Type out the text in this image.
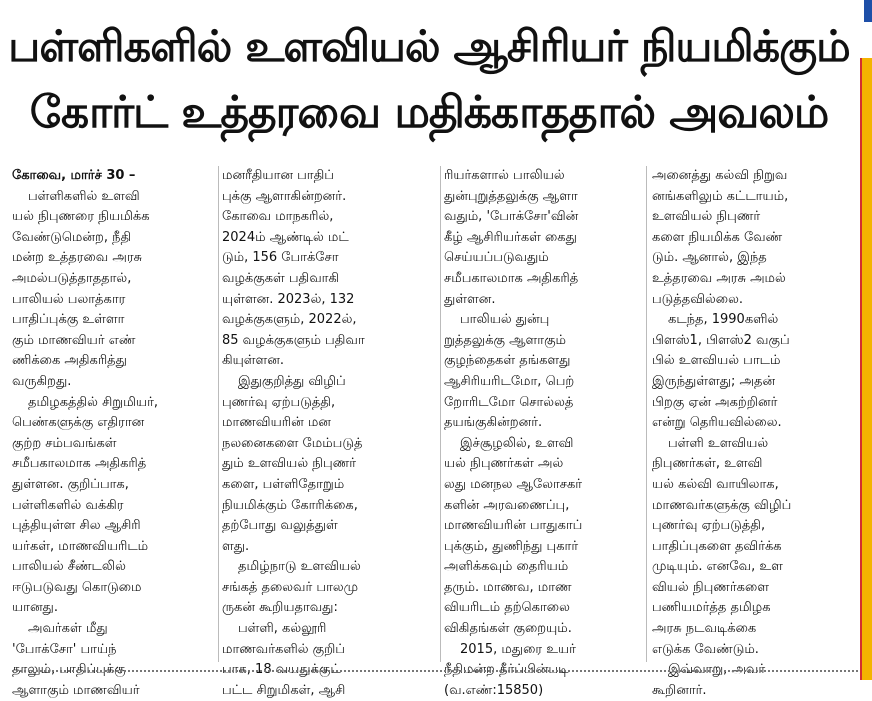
பள்ளிகளில் உளவியல் ஆசிரியர் நியமிக்கும்
கோர்ட் உத்தரவை மதிக்காததால் அவலம்

கோவை, மார்ச் 30 –

பள்ளிகளில் உளவி

யல் நிபுணரை நியமிக்க

வேண்டுமென்ற, நீதி

மன்ற உத்தரவை அரசு

அமல்படுத்தாததால்,

பாலியல் பலாத்கார

பாதிப்புக்கு உள்ளா

கும் மாணவியர் எண்

ணிக்கை அதிகரித்து

வருகிறது.

தமிழகத்தில் சிறுமியர்,

பெண்களுக்கு எதிரான

குற்ற சம்பவங்கள்

சமீபகாலமாக அதிகரித்

துள்ளன. குறிப்பாக,

பள்ளிகளில் வக்கிர

புத்தியுள்ள சில ஆசிரி

யர்கள், மாணவியரிடம்

பாலியல் சீண்டலில்

ஈடுபடுவது கொடுமை

யானது.

அவர்கள் மீது

'போக்சோ' பாய்ந்

தாலும், பாதிப்புக்கு

ஆளாகும் மாணவியர்

மனரீதியான பாதிப்

புக்கு ஆளாகின்றனர்.

கோவை மாநகரில்,

2024ம் ஆண்டில் மட்

டும், 156 போக்சோ

வழக்குகள் பதிவாகி

யுள்ளன. 2023ல், 132

வழக்குகளும், 2022ல்,

85 வழக்குகளும் பதிவா

கியுள்ளன.

இதுகுறித்து விழிப்

புணர்வு ஏற்படுத்தி,

மாணவியரின் மன

நலனைகளை மேம்படுத்

தும் உளவியல் நிபுணர்

களை, பள்ளிதோறும்

நியமிக்கும் கோரிக்கை,

தற்போது வலுத்துள்

ளது.

தமிழ்நாடு உளவியல்

சங்கத் தலைவர் பாலமு

ருகன் கூறியதாவது:

பள்ளி, கல்லூரி

மாணவர்களில் குறிப்

பாக, 18 வயதுக்குட்

பட்ட சிறுமிகள், ஆசி

ரியர்களால் பாலியல்

துன்புறுத்தலுக்கு ஆளா

வதும், 'போக்சோ'வின்

கீழ் ஆசிரியர்கள் கைது

செய்யப்படுவதும்

சமீபகாலமாக அதிகரித்

துள்ளன.

பாலியல் துன்பு

றுத்தலுக்கு ஆளாகும்

குழந்தைகள் தங்களது

ஆசிரியரிடமோ, பெற்

றோரிடமோ சொல்லத்

தயங்குகின்றனர்.

இச்சூழலில், உளவி

யல் நிபுணர்கள் அல்

லது மனநல ஆலோசகர்

களின் அரவணைப்பு,

மாணவியரின் பாதுகாப்

புக்கும், துணிந்து புகார்

அளிக்கவும் தைரியம்

தரும். மாணவ, மாண

வியரிடம் தற்கொலை

விகிதங்கள் குறையும்.

2015, மதுரை உயர்

நீதிமன்ற தீர்ப்பின்படி

(வ.எண்:15850)

அனைத்து கல்வி நிறுவ

னங்களிலும் கட்டாயம்,

உளவியல் நிபுணர்

களை நியமிக்க வேண்

டும். ஆனால், இந்த

உத்தரவை அரசு அமல்

படுத்தவில்லை.

கடந்த, 1990களில்

பிளஸ்1, பிளஸ்2 வகுப்

பில் உளவியல் பாடம்

இருந்துள்ளது; அதன்

பிறகு ஏன் அகற்றினர்

என்று தெரியவில்லை.

பள்ளி உளவியல்

நிபுணர்கள், உளவி

யல் கல்வி வாயிலாக,

மாணவர்களுக்கு விழிப்

புணர்வு ஏற்படுத்தி,

பாதிப்புகளை தவிர்க்க

முடியும். எனவே, உள

வியல் நிபுணர்களை

பணியமர்த்த தமிழக

அரசு நடவடிக்கை

எடுக்க வேண்டும்.

இவ்வாறு, அவர்

கூறினார்.
